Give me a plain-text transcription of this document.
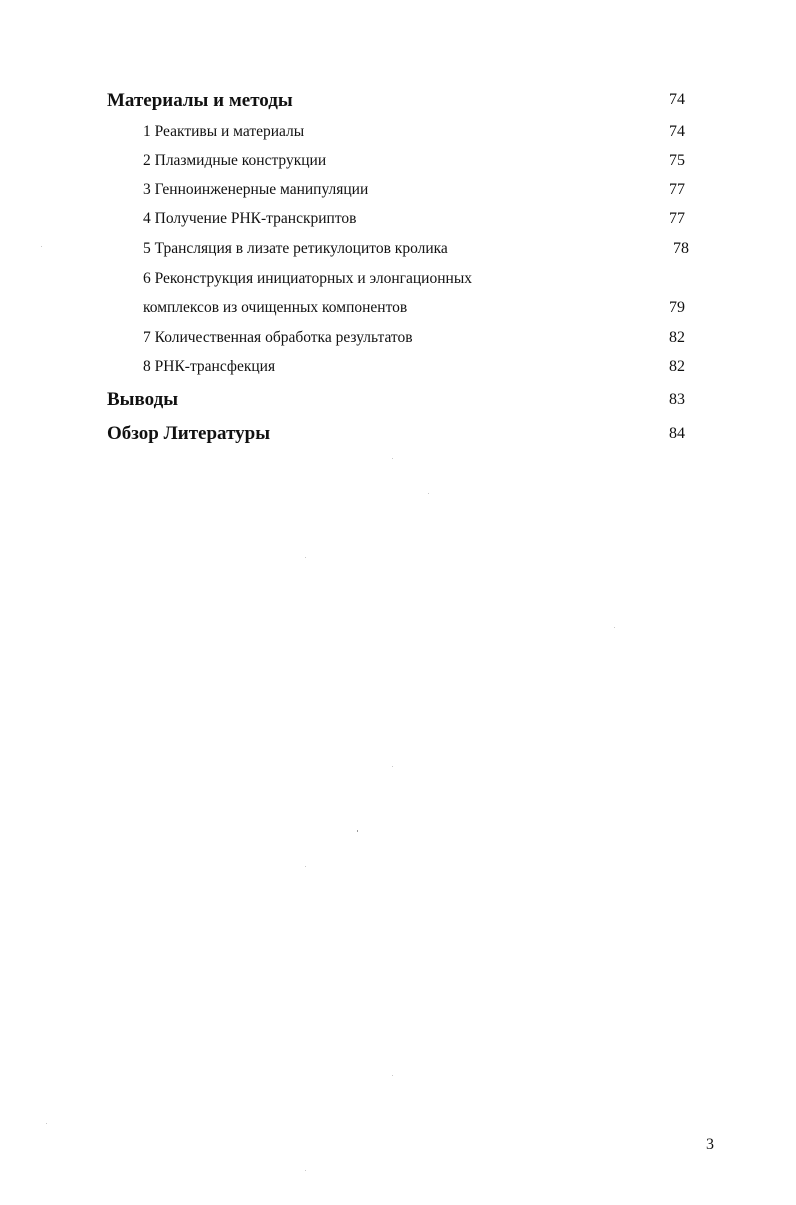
Материалы и методы	74
1 Реактивы и материалы	74
2 Плазмидные конструкции	75
3 Генноинженерные манипуляции	77
4 Получение РНК-транскриптов	77
5 Трансляция в лизате ретикулоцитов кролика	78
6 Реконструкция инициаторных и элонгационных
комплексов из очищенных компонентов	79
7 Количественная обработка результатов	82
8 РНК-трансфекция	82
Выводы	83
Обзор Литературы	84
3
